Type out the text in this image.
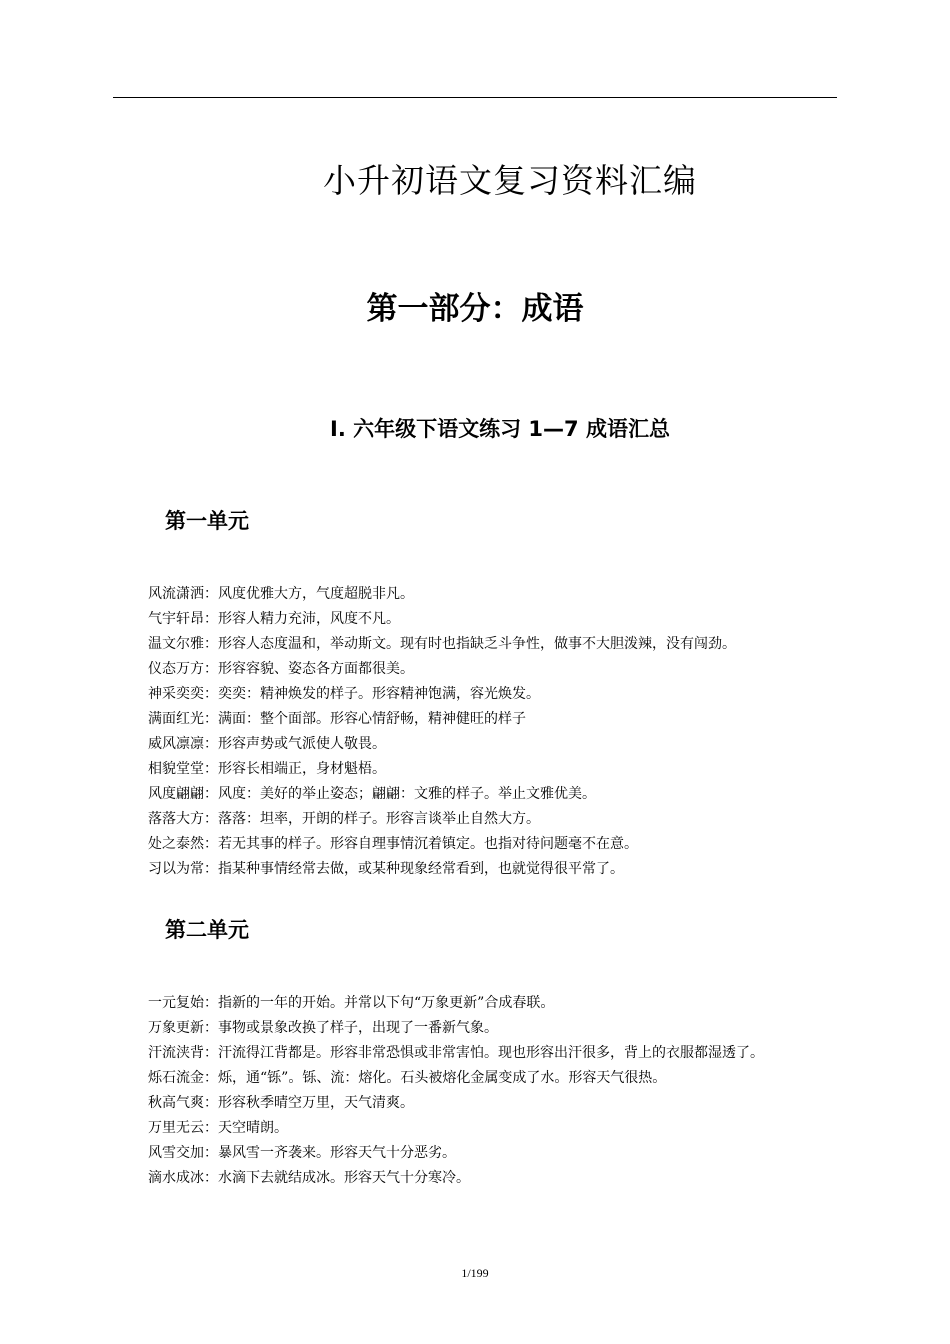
小升初语文复习资料汇编
第一部分：成语
I. 六年级下语文练习 1—7 成语汇总
第一单元
风流潇洒：风度优雅大方，气度超脱非凡。
气宇轩昂：形容人精力充沛，风度不凡。
温文尔雅：形容人态度温和，举动斯文。现有时也指缺乏斗争性，做事不大胆泼辣，没有闯劲。
仪态万方：形容容貌、姿态各方面都很美。
神采奕奕：奕奕：精神焕发的样子。形容精神饱满，容光焕发。
满面红光：满面：整个面部。形容心情舒畅，精神健旺的样子
威风凛凛：形容声势或气派使人敬畏。
相貌堂堂：形容长相端正，身材魁梧。
风度翩翩：风度：美好的举止姿态；翩翩：文雅的样子。举止文雅优美。
落落大方：落落：坦率，开朗的样子。形容言谈举止自然大方。
处之泰然：若无其事的样子。形容自理事情沉着镇定。也指对待问题毫不在意。
习以为常：指某种事情经常去做，或某种现象经常看到，也就觉得很平常了。
第二单元
一元复始：指新的一年的开始。并常以下句“万象更新”合成春联。
万象更新：事物或景象改换了样子，出现了一番新气象。
汗流浃背：汗流得江背都是。形容非常恐惧或非常害怕。现也形容出汗很多，背上的衣服都湿透了。
烁石流金：烁，通“铄”。铄、流：熔化。石头被熔化金属变成了水。形容天气很热。
秋高气爽：形容秋季晴空万里，天气清爽。
万里无云：天空晴朗。
风雪交加：暴风雪一齐袭来。形容天气十分恶劣。
滴水成冰：水滴下去就结成冰。形容天气十分寒冷。
1/199
